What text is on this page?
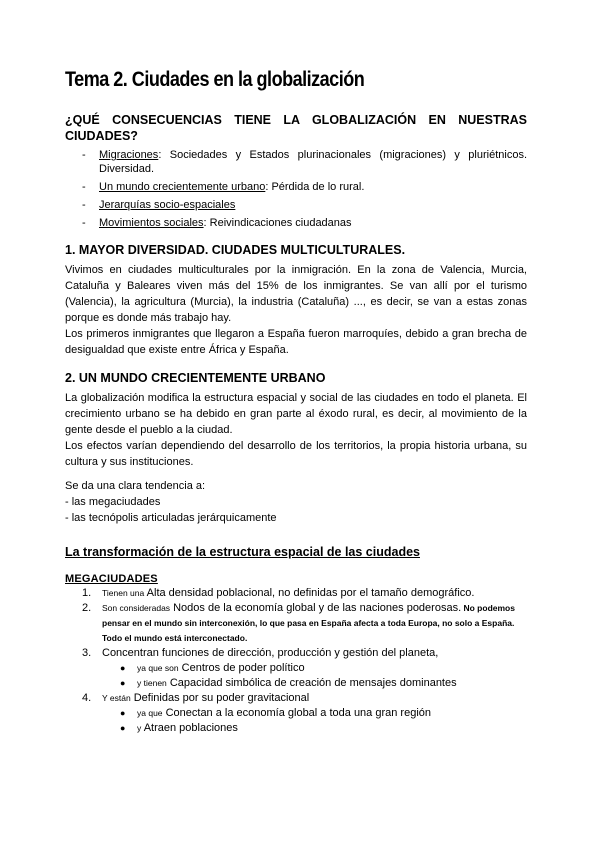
Tema 2. Ciudades en la globalización
¿QUÉ CONSECUENCIAS TIENE LA GLOBALIZACIÓN EN NUESTRAS CIUDADES?
- Migraciones: Sociedades y Estados plurinacionales (migraciones) y pluriétnicos. Diversidad.
- Un mundo crecientemente urbano: Pérdida de lo rural.
- Jerarquías socio-espaciales
- Movimientos sociales: Reivindicaciones ciudadanas
1. MAYOR DIVERSIDAD. CIUDADES MULTICULTURALES.

Vivimos en ciudades multiculturales por la inmigración. En la zona de Valencia, Murcia, Cataluña y Baleares viven más del 15% de los inmigrantes. Se van allí por el turismo (Valencia), la agricultura (Murcia), la industria (Cataluña) ..., es decir, se van a estas zonas porque es donde más trabajo hay.

Los primeros inmigrantes que llegaron a España fueron marroquíes, debido a gran brecha de desigualdad que existe entre África y España.

2. UN MUNDO CRECIENTEMENTE URBANO

La globalización modifica la estructura espacial y social de las ciudades en todo el planeta. El crecimiento urbano se ha debido en gran parte al éxodo rural, es decir, al movimiento de la gente desde el pueblo a la ciudad.

Los efectos varían dependiendo del desarrollo de los territorios, la propia historia urbana, su cultura y sus instituciones.

Se da una clara tendencia a:

- las megaciudades

- las tecnópolis articuladas jerárquicamente

La transformación de la estructura espacial de las ciudades
MEGACIUDADES
1. Tienen una Alta densidad poblacional, no definidas por el tamaño demográfico.
2. Son consideradas Nodos de la economía global y de las naciones poderosas. No podemos pensar en el mundo sin interconexión, lo que pasa en España afecta a toda Europa, no solo a España. Todo el mundo está interconectado.
3. Concentran funciones de dirección, producción y gestión del planeta,
● ya que son Centros de poder político
● y tienen Capacidad simbólica de creación de mensajes dominantes
4. Y están Definidas por su poder gravitacional
● ya que Conectan a la economía global a toda una gran región
● y Atraen poblaciones
